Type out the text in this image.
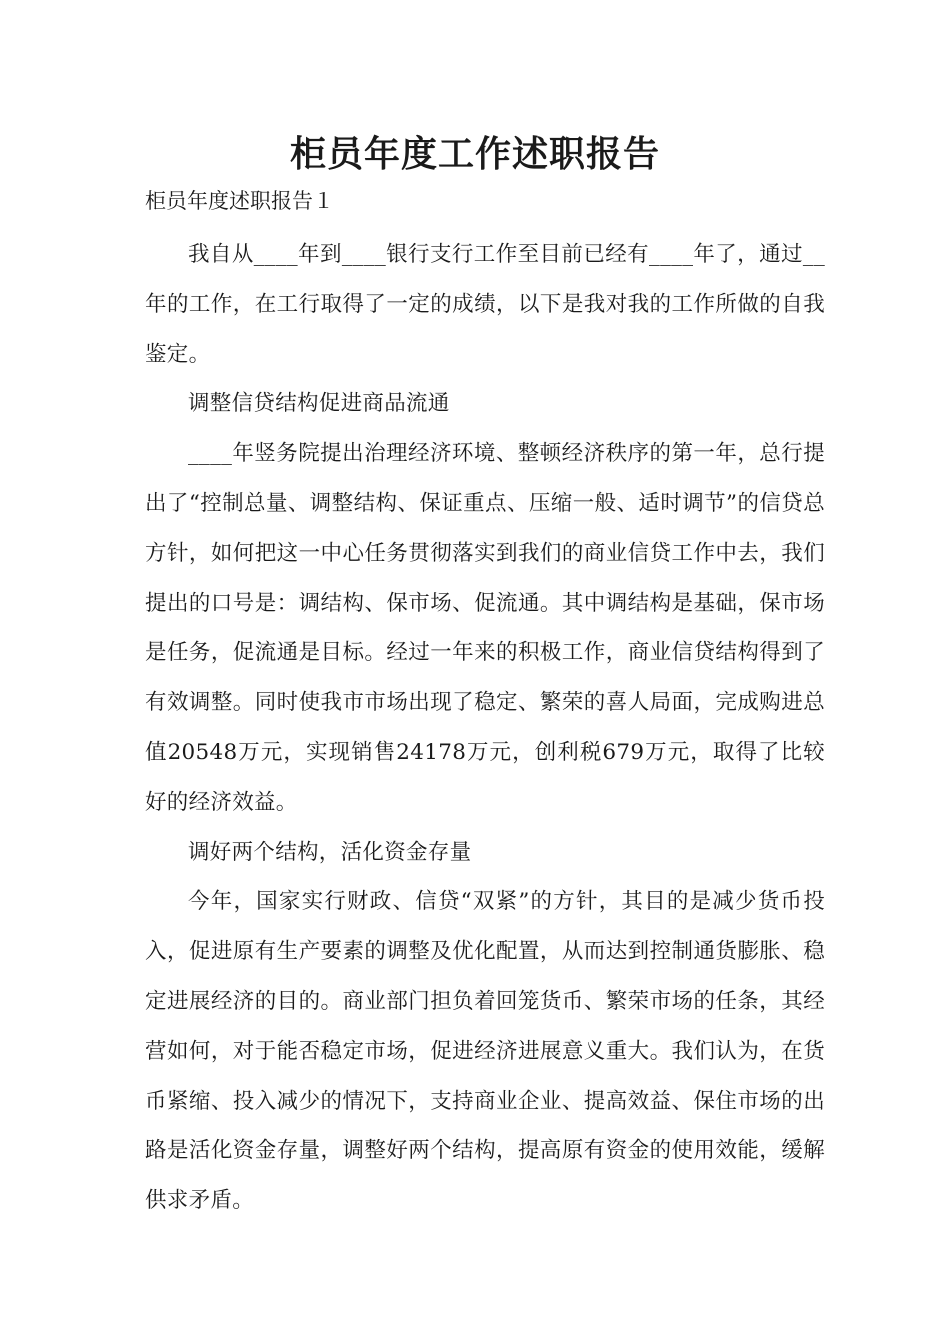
柜员年度工作述职报告

柜员年度述职报告１

我自从____年到____银行支行工作至目前已经有____年了，通过__年的工作，在工行取得了一定的成绩，以下是我对我的工作所做的自我鉴定。

调整信贷结构促进商品流通

____年竖务院提出治理经济环境、整顿经济秩序的第一年，总行提出了“控制总量、调整结构、保证重点、压缩一般、适时调节”的信贷总方针，如何把这一中心任务贯彻落实到我们的商业信贷工作中去，我们提出的口号是：调结构、保市场、促流通。其中调结构是基础，保市场是任务，促流通是目标。经过一年来的积极工作，商业信贷结构得到了有效调整。同时使我市市场出现了稳定、繁荣的喜人局面，完成购进总值20548万元，实现销售24178万元，创利税679万元，取得了比较好的经济效益。

调好两个结构，活化资金存量

今年，国家实行财政、信贷“双紧”的方针，其目的是减少货币投入，促进原有生产要素的调整及优化配置，从而达到控制通货膨胀、稳定进展经济的目的。商业部门担负着回笼货币、繁荣市场的任条，其经营如何，对于能否稳定市场，促进经济进展意义重大。我们认为，在货币紧缩、投入减少的情况下，支持商业企业、提高效益、保住市场的出路是活化资金存量，调整好两个结构，提高原有资金的使用效能，缓解供求矛盾。
